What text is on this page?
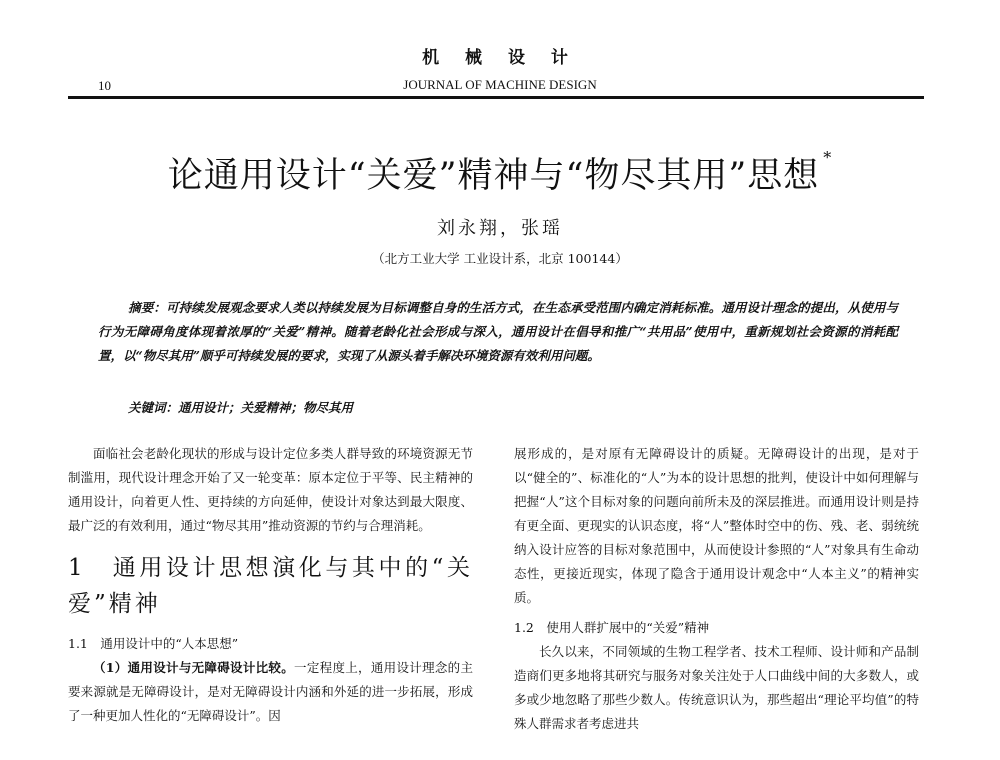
机 械 设 计
10	JOURNAL OF MACHINE DESIGN
论通用设计“关爱”精神与“物尽其用”思想 *
刘永翔，张瑶
（北方工业大学 工业设计系，北京 100144）
摘要：可持续发展观念要求人类以持续发展为目标调整自身的生活方式，在生态承受范围内确定消耗标准。通用设计理念的提出，从使用与行为无障碍角度体现着浓厚的“关爱”精神。随着老龄化社会形成与深入，通用设计在倡导和推广“共用品”使用中，重新规划社会资源的消耗配置，以“物尽其用”顺乎可持续发展的要求，实现了从源头着手解决环境资源有效利用问题。
关键词：通用设计；关爱精神；物尽其用

面临社会老龄化现状的形成与设计定位多类人群导致的环境资源无节制滥用，现代设计理念开始了又一轮变革：原本定位于平等、民主精神的通用设计，向着更人性、更持续的方向延伸，使设计对象达到最大限度、最广泛的有效利用，通过“物尽其用”推动资源的节约与合理消耗。

1　通用设计思想演化与其中的“关爱”精神
1.1　通用设计中的“人本思想”

（1）通用设计与无障碍设计比较。一定程度上，通用设计理念的主要来源就是无障碍设计，是对无障碍设计内涵和外延的进一步拓展，形成了一种更加人性化的“无障碍设计”。因

展形成的，是对原有无障碍设计的质疑。无障碍设计的出现，是对于以“健全的”、标准化的“人”为本的设计思想的批判，使设计中如何理解与把握“人”这个目标对象的问题向前所未及的深层推进。而通用设计则是持有更全面、更现实的认识态度，将“人”整体时空中的伤、残、老、弱统统纳入设计应答的目标对象范围中，从而使设计参照的“人”对象具有生命动态性，更接近现实，体现了隐含于通用设计观念中“人本主义”的精神实质。

1.2　使用人群扩展中的“关爱”精神

长久以来，不同领域的生物工程学者、技术工程师、设计师和产品制造商们更多地将其研究与服务对象关注处于人口曲线中间的大多数人，或多或少地忽略了那些少数人。传统意识认为，那些超出“理论平均值”的特殊人群需求者考虑进共
